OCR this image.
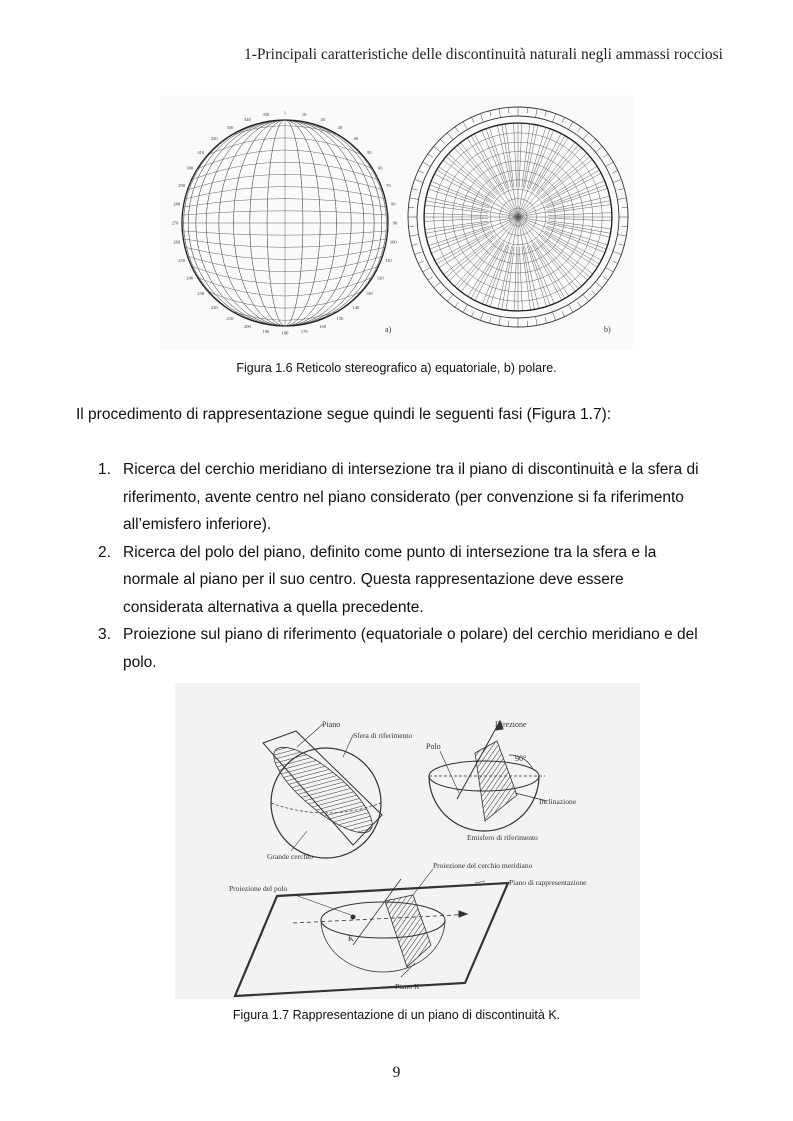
1-Principali caratteristiche delle discontinuità naturali negli ammassi rocciosi
1	10
20
30
40
50
60
70
80
90
100
110
120
130
140
150
160
170
180
190
200
210
220
230
240
250
260
270
280
290
300
310
320
330
340
350
a)	b)
Figura 1.6 Reticolo stereografico a) equatoriale, b) polare.
Il procedimento di rappresentazione segue quindi le seguenti fasi (Figura 1.7):
1. Ricerca del cerchio meridiano di intersezione tra il piano di discontinuità e la sfera di
riferimento, avente centro nel piano considerato (per convenzione si fa riferimento
all’emisfero inferiore).
2. Ricerca del polo del piano, definito come punto di intersezione tra la sfera e la
normale al piano per il suo centro. Questa rappresentazione deve essere
considerata alternativa a quella precedente.
3. Proiezione sul piano di riferimento (equatoriale o polare) del cerchio meridiano e del
polo.
Piano
Sfera di riferimento
Grande cerchio
Direzione
Polo
90°
Inclinazione
Emisfero di riferimento
Proiezione del cerchio meridiano
Piano di rappresentazione
Proiezione del polo
Piano K
K
Figura 1.7 Rappresentazione di un piano di discontinuità K.
9
